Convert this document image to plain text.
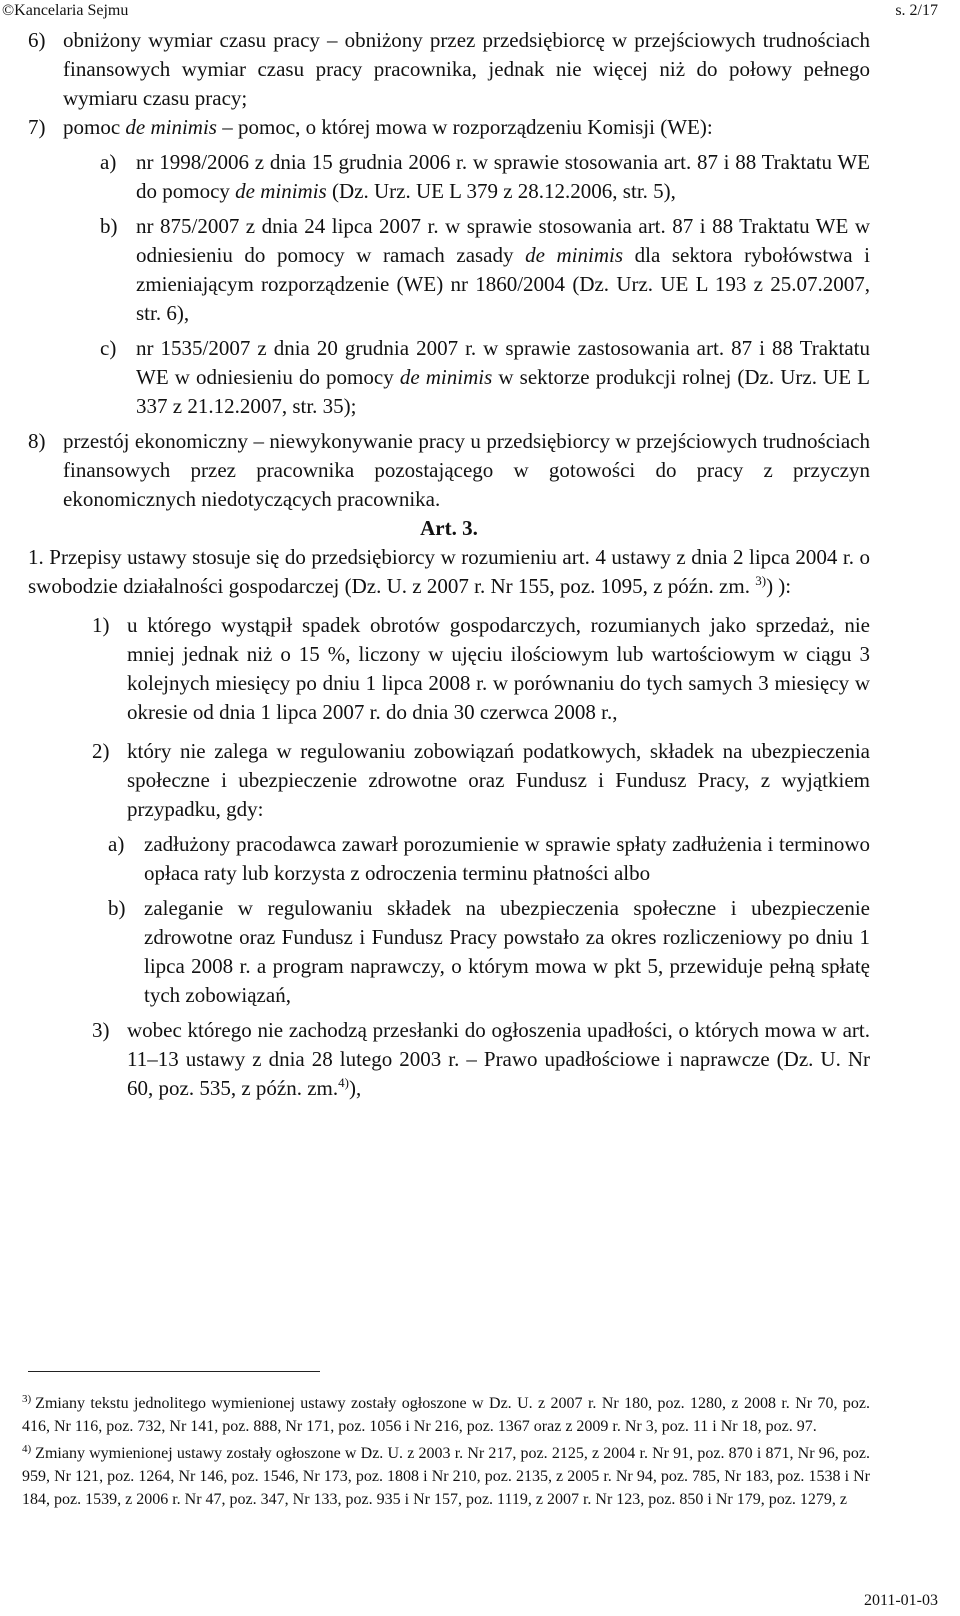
©Kancelaria Sejmu	s. 2/17
6) obniżony wymiar czasu pracy – obniżony przez przedsiębiorcę w przejściowych trudnościach finansowych wymiar czasu pracy pracownika, jednak nie więcej niż do połowy pełnego wymiaru czasu pracy;
7) pomoc de minimis – pomoc, o której mowa w rozporządzeniu Komisji (WE):
a) nr 1998/2006 z dnia 15 grudnia 2006 r. w sprawie stosowania art. 87 i 88 Traktatu WE do pomocy de minimis (Dz. Urz. UE L 379 z 28.12.2006, str. 5),
b) nr 875/2007 z dnia 24 lipca 2007 r. w sprawie stosowania art. 87 i 88 Traktatu WE w odniesieniu do pomocy w ramach zasady de minimis dla sektora rybołówstwa i zmieniającym rozporządzenie (WE) nr 1860/2004 (Dz. Urz. UE L 193 z 25.07.2007, str. 6),
c) nr 1535/2007 z dnia 20 grudnia 2007 r. w sprawie zastosowania art. 87 i 88 Traktatu WE w odniesieniu do pomocy de minimis w sektorze produkcji rolnej (Dz. Urz. UE L 337 z 21.12.2007, str. 35);
8) przestój ekonomiczny – niewykonywanie pracy u przedsiębiorcy w przejściowych trudnościach finansowych przez pracownika pozostającego w gotowości do pracy z przyczyn ekonomicznych niedotyczących pracownika.

Art. 3.

1. Przepisy ustawy stosuje się do przedsiębiorcy w rozumieniu art. 4 ustawy z dnia 2 lipca 2004 r. o swobodzie działalności gospodarczej (Dz. U. z 2007 r. Nr 155, poz. 1095, z późn. zm. $^{3)}$) ):

1) u którego wystąpił spadek obrotów gospodarczych, rozumianych jako sprzedaż, nie mniej jednak niż o 15 %, liczony w ujęciu ilościowym lub wartościowym w ciągu 3 kolejnych miesięcy po dniu 1 lipca 2008 r. w porównaniu do tych samych 3 miesięcy w okresie od dnia 1 lipca 2007 r. do dnia 30 czerwca 2008 r.,
2) który nie zalega w regulowaniu zobowiązań podatkowych, składek na ubezpieczenia społeczne i ubezpieczenie zdrowotne oraz Fundusz i Fundusz Pracy, z wyjątkiem przypadku, gdy:
a) zadłużony pracodawca zawarł porozumienie w sprawie spłaty zadłużenia i terminowo opłaca raty lub korzysta z odroczenia terminu płatności albo
b) zaleganie w regulowaniu składek na ubezpieczenia społeczne i ubezpieczenie zdrowotne oraz Fundusz i Fundusz Pracy powstało za okres rozliczeniowy po dniu 1 lipca 2008 r. a program naprawczy, o którym mowa w pkt 5, przewiduje pełną spłatę tych zobowiązań,
3) wobec którego nie zachodzą przesłanki do ogłoszenia upadłości, o których mowa w art. 11–13 ustawy z dnia 28 lutego 2003 r. – Prawo upadłościowe i naprawcze (Dz. U. Nr 60, poz. 535, z późn. zm.$^{4)}$),

$^{3)}$ Zmiany tekstu jednolitego wymienionej ustawy zostały ogłoszone w Dz. U. z 2007 r. Nr 180, poz. 1280, z 2008 r. Nr 70, poz. 416, Nr 116, poz. 732, Nr 141, poz. 888, Nr 171, poz. 1056 i Nr 216, poz. 1367 oraz z 2009 r. Nr 3, poz. 11 i Nr 18, poz. 97.

$^{4)}$ Zmiany wymienionej ustawy zostały ogłoszone w Dz. U. z 2003 r. Nr 217, poz. 2125, z 2004 r. Nr 91, poz. 870 i 871, Nr 96, poz. 959, Nr 121, poz. 1264, Nr 146, poz. 1546, Nr 173, poz. 1808 i Nr 210, poz. 2135, z 2005 r. Nr 94, poz. 785, Nr 183, poz. 1538 i Nr 184, poz. 1539, z 2006 r. Nr 47, poz. 347, Nr 133, poz. 935 i Nr 157, poz. 1119, z 2007 r. Nr 123, poz. 850 i Nr 179, poz. 1279, z

2011-01-03
